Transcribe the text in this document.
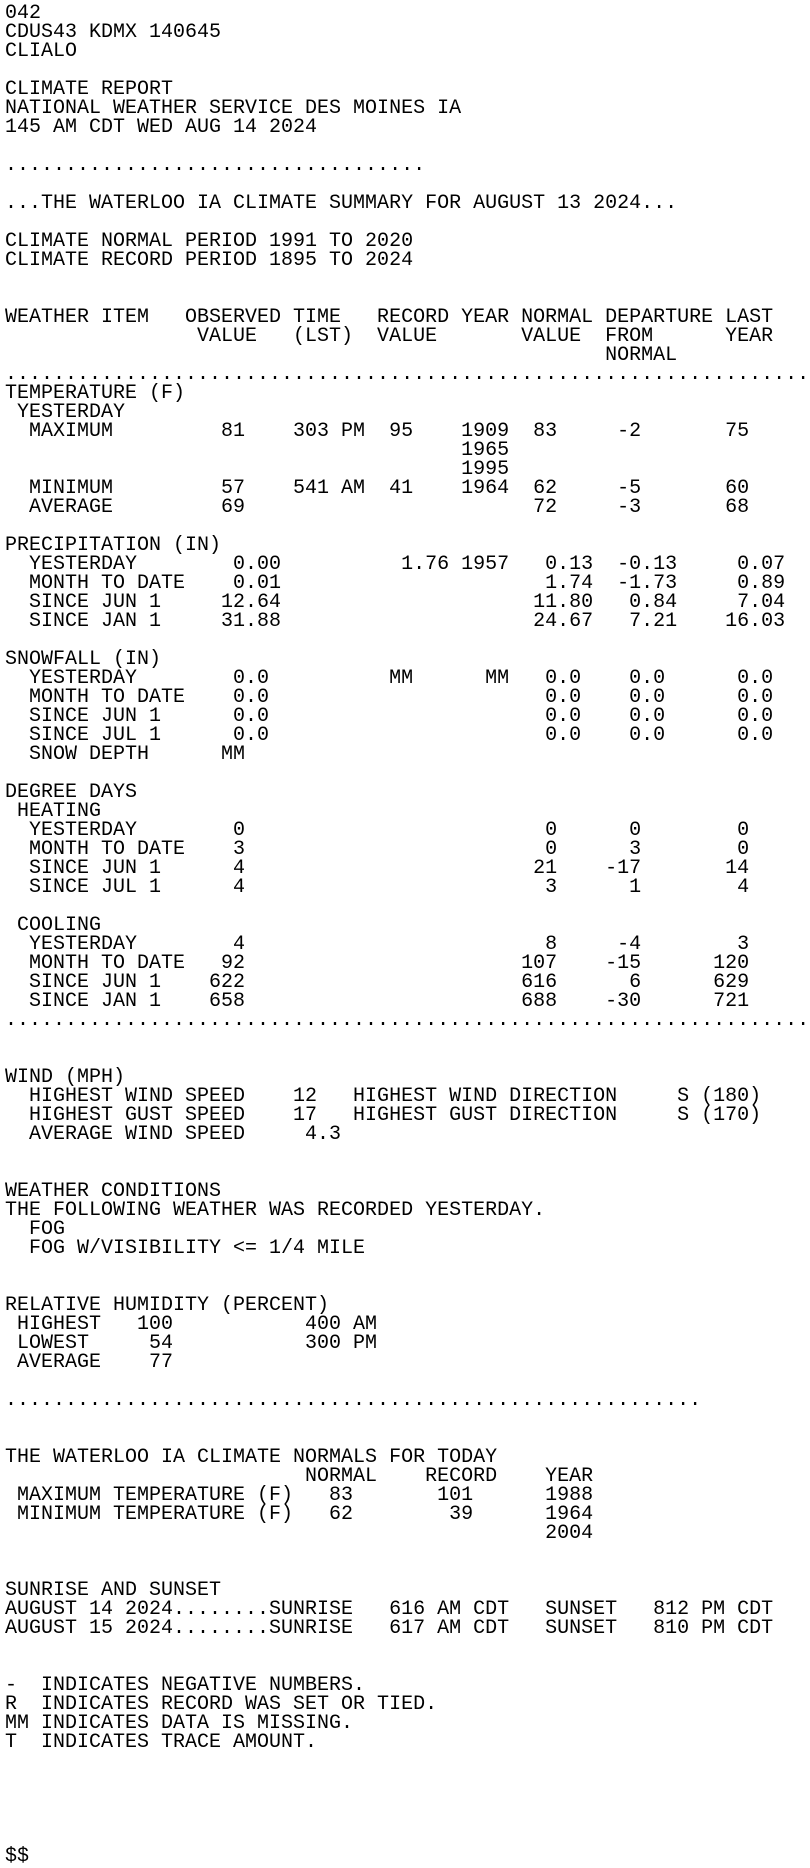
042
CDUS43 KDMX 140645
CLIALO
CLIMATE REPORT
NATIONAL WEATHER SERVICE DES MOINES IA
145 AM CDT WED AUG 14 2024
...................................
...THE WATERLOO IA CLIMATE SUMMARY FOR AUGUST 13 2024...
CLIMATE NORMAL PERIOD 1991 TO 2020
CLIMATE RECORD PERIOD 1895 TO 2024
WEATHER ITEM   OBSERVED TIME   RECORD YEAR NORMAL DEPARTURE LAST
VALUE   (LST)  VALUE       VALUE  FROM      YEAR
NORMAL
...................................................................
TEMPERATURE (F)
YESTERDAY
MAXIMUM         81    303 PM  95    1909  83     -2       75
1965
1995
MINIMUM         57    541 AM  41    1964  62     -5       60
AVERAGE         69                        72     -3       68
PRECIPITATION (IN)
YESTERDAY        0.00          1.76 1957   0.13  -0.13     0.07
MONTH TO DATE    0.01                      1.74  -1.73     0.89
SINCE JUN 1     12.64                     11.80   0.84     7.04
SINCE JAN 1     31.88                     24.67   7.21    16.03
SNOWFALL (IN)
YESTERDAY        0.0          MM      MM   0.0    0.0      0.0
MONTH TO DATE    0.0                       0.0    0.0      0.0
SINCE JUN 1      0.0                       0.0    0.0      0.0
SINCE JUL 1      0.0                       0.0    0.0      0.0
SNOW DEPTH      MM
DEGREE DAYS
HEATING
YESTERDAY        0                         0      0        0
MONTH TO DATE    3                         0      3        0
SINCE JUN 1      4                        21    -17       14
SINCE JUL 1      4                         3      1        4
COOLING
YESTERDAY        4                         8     -4        3
MONTH TO DATE   92                       107    -15      120
SINCE JUN 1    622                       616      6      629
SINCE JAN 1    658                       688    -30      721
...................................................................
WIND (MPH)
HIGHEST WIND SPEED    12   HIGHEST WIND DIRECTION     S (180)
HIGHEST GUST SPEED    17   HIGHEST GUST DIRECTION     S (170)
AVERAGE WIND SPEED     4.3
WEATHER CONDITIONS
THE FOLLOWING WEATHER WAS RECORDED YESTERDAY.
FOG
FOG W/VISIBILITY <= 1/4 MILE
RELATIVE HUMIDITY (PERCENT)
HIGHEST   100           400 AM
LOWEST     54           300 PM
AVERAGE    77
..........................................................
THE WATERLOO IA CLIMATE NORMALS FOR TODAY
NORMAL    RECORD    YEAR
MAXIMUM TEMPERATURE (F)   83       101      1988
MINIMUM TEMPERATURE (F)   62        39      1964
2004
SUNRISE AND SUNSET
AUGUST 14 2024........SUNRISE   616 AM CDT   SUNSET   812 PM CDT
AUGUST 15 2024........SUNRISE   617 AM CDT   SUNSET   810 PM CDT
-  INDICATES NEGATIVE NUMBERS.
R  INDICATES RECORD WAS SET OR TIED.
MM INDICATES DATA IS MISSING.
T  INDICATES TRACE AMOUNT.
$$
